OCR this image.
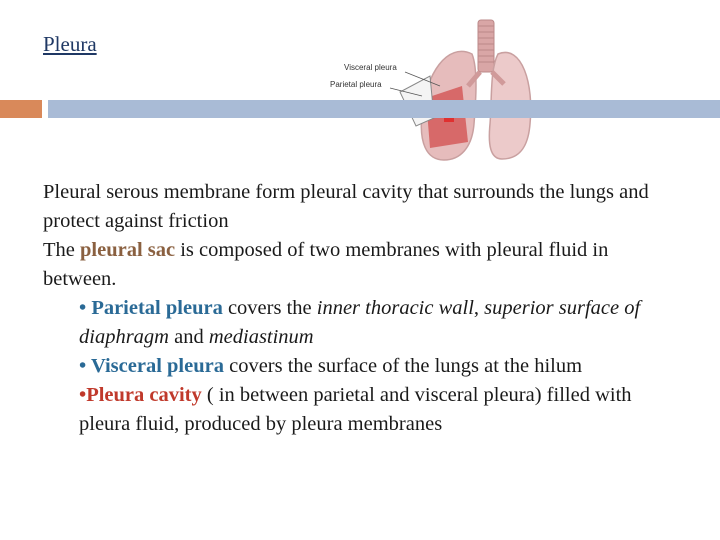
Pleura
Visceral pleura
Parietal pleura

Pleural serous membrane form pleural cavity that surrounds the lungs and protect against friction

The pleural sac is composed of two membranes with pleural fluid in between.

• Parietal pleura covers the inner thoracic wall, superior surface of diaphragm and mediastinum

• Visceral pleura covers the surface of the lungs at the hilum

•Pleura cavity ( in between parietal and visceral pleura) filled with pleura fluid, produced by pleura membranes
